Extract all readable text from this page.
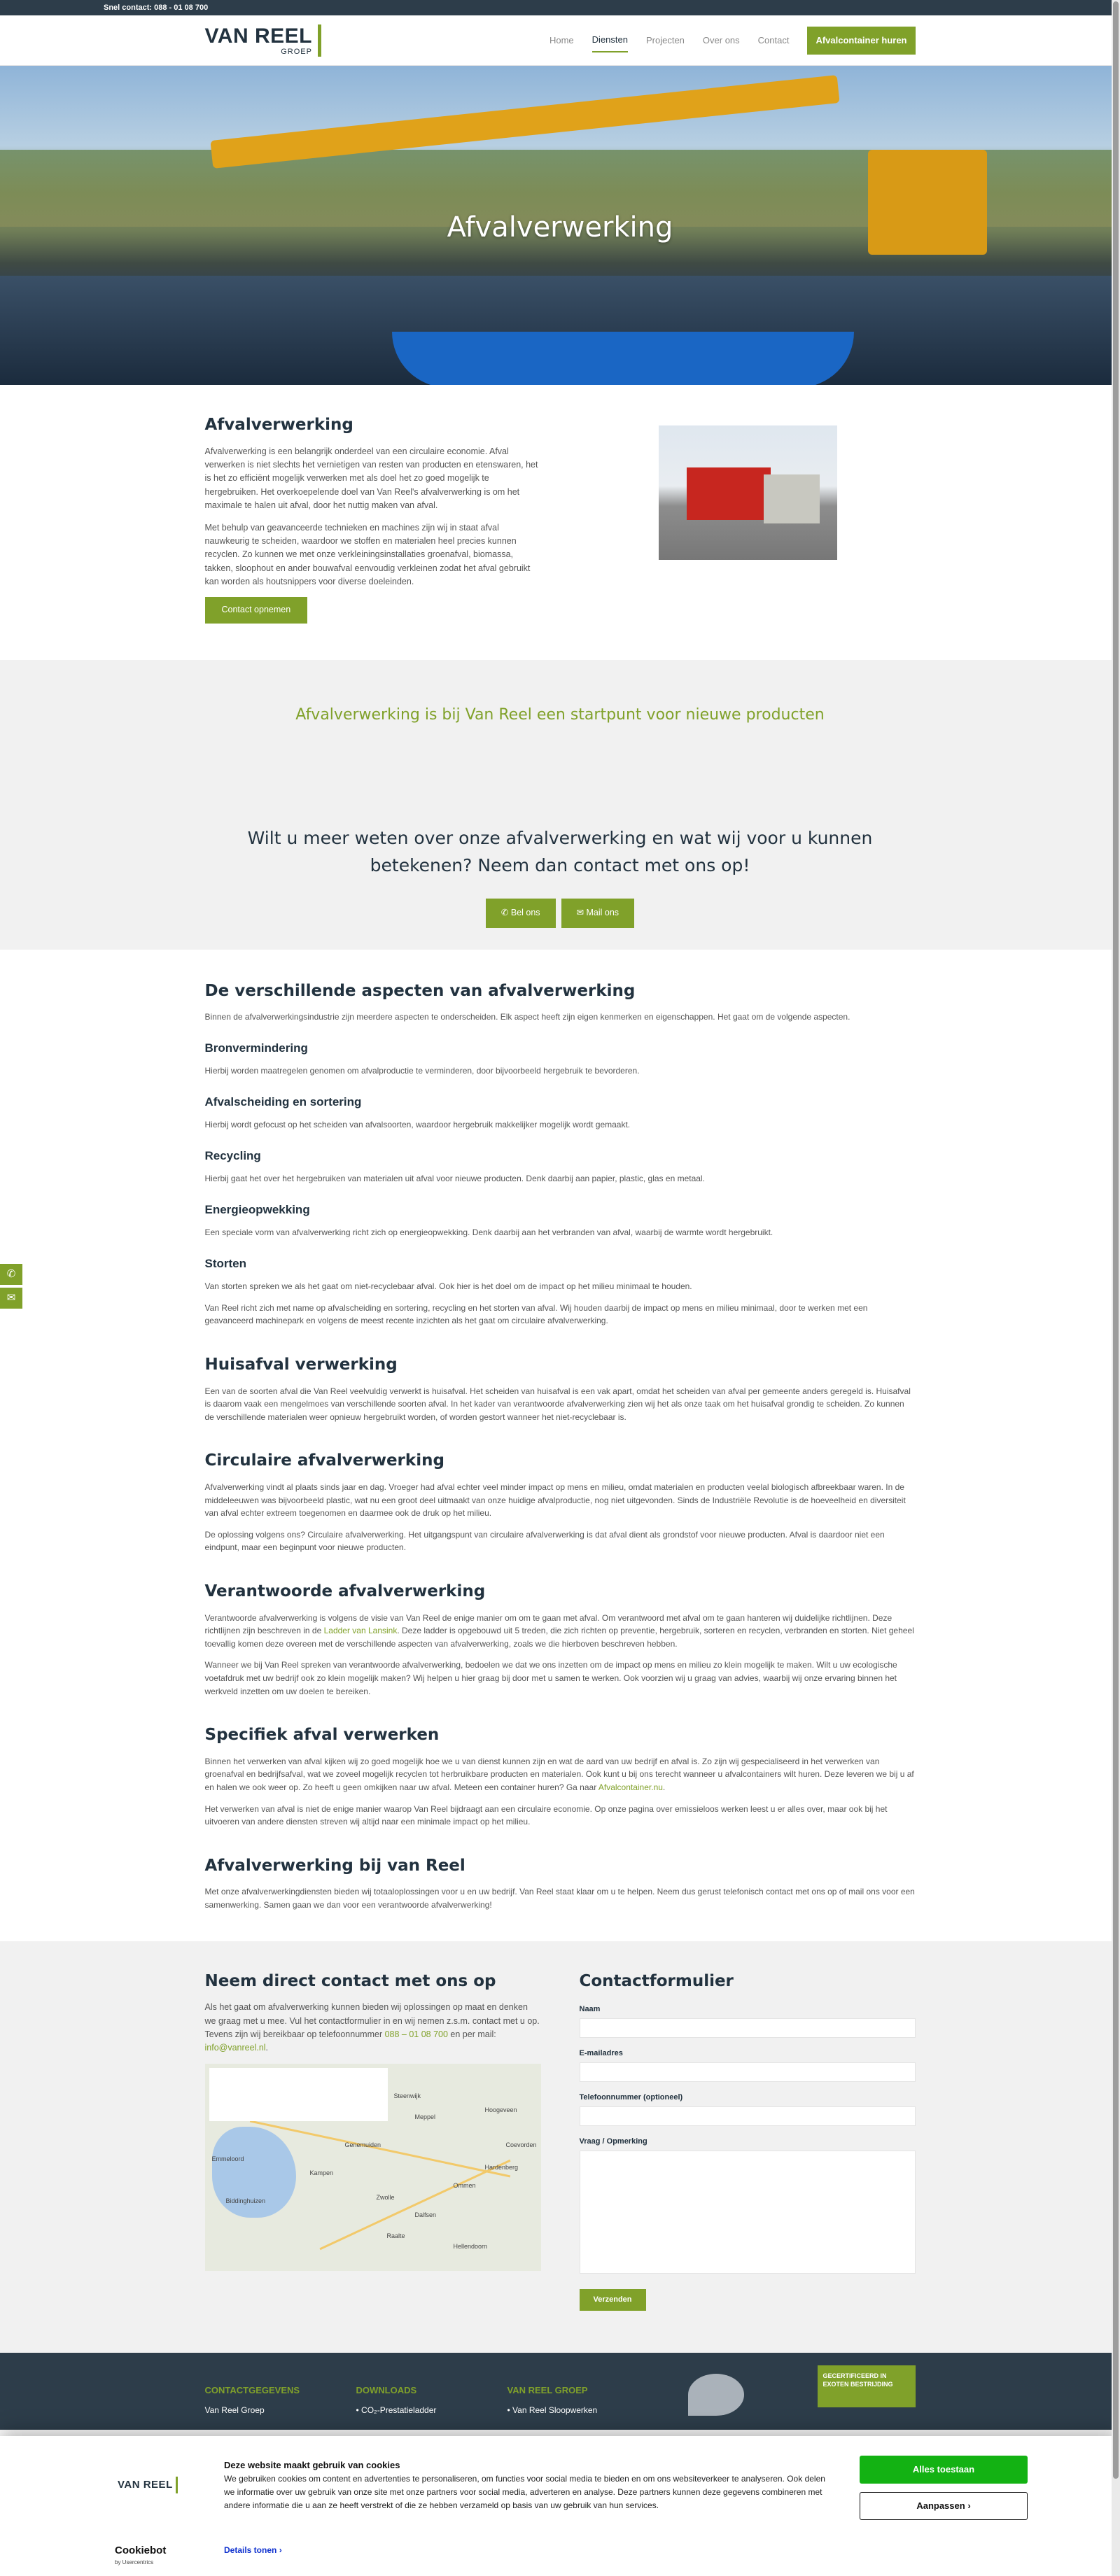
Snel contact: 088 - 01 08 700
VAN REEL
GROEP
Home Diensten Projecten Over ons Contact	Afvalcontainer huren
Afvalverwerking
Afvalverwerking

Afvalverwerking is een belangrijk onderdeel van een circulaire economie. Afval verwerken is niet slechts het vernietigen van resten van producten en etenswaren, het is het zo efficiënt mogelijk verwerken met als doel het zo goed mogelijk te hergebruiken. Het overkoepelende doel van Van Reel's afvalverwerking is om het maximale te halen uit afval, door het nuttig maken van afval.

Met behulp van geavanceerde technieken en machines zijn wij in staat afval nauwkeurig te scheiden, waardoor we stoffen en materialen heel precies kunnen recyclen. Zo kunnen we met onze verkleiningsinstallaties groenafval, biomassa, takken, sloophout en ander bouwafval eenvoudig verkleinen zodat het afval gebruikt kan worden als houtsnippers voor diverse doeleinden.

Contact opnemen
Afvalverwerking is bij Van Reel een startpunt voor nieuwe producten
Wilt u meer weten over onze afvalverwerking en wat wij voor u kunnen betekenen? Neem dan contact met ons op!
✆ Bel ons	✉ Mail ons
De verschillende aspecten van afvalverwerking

Binnen de afvalverwerkingsindustrie zijn meerdere aspecten te onderscheiden. Elk aspect heeft zijn eigen kenmerken en eigenschappen. Het gaat om de volgende aspecten.

Bronvermindering

Hierbij worden maatregelen genomen om afvalproductie te verminderen, door bijvoorbeeld hergebruik te bevorderen.

Afvalscheiding en sortering

Hierbij wordt gefocust op het scheiden van afvalsoorten, waardoor hergebruik makkelijker mogelijk wordt gemaakt.

Recycling

Hierbij gaat het over het hergebruiken van materialen uit afval voor nieuwe producten. Denk daarbij aan papier, plastic, glas en metaal.

Energieopwekking

Een speciale vorm van afvalverwerking richt zich op energieopwekking. Denk daarbij aan het verbranden van afval, waarbij de warmte wordt hergebruikt.

Storten

Van storten spreken we als het gaat om niet-recyclebaar afval. Ook hier is het doel om de impact op het milieu minimaal te houden.

Van Reel richt zich met name op afvalscheiding en sortering, recycling en het storten van afval. Wij houden daarbij de impact op mens en milieu minimaal, door te werken met een geavanceerd machinepark en volgens de meest recente inzichten als het gaat om circulaire afvalverwerking.

Huisafval verwerking

Een van de soorten afval die Van Reel veelvuldig verwerkt is huisafval. Het scheiden van huisafval is een vak apart, omdat het scheiden van afval per gemeente anders geregeld is. Huisafval is daarom vaak een mengelmoes van verschillende soorten afval. In het kader van verantwoorde afvalverwerking zien wij het als onze taak om het huisafval grondig te scheiden. Zo kunnen de verschillende materialen weer opnieuw hergebruikt worden, of worden gestort wanneer het niet-recyclebaar is.

Circulaire afvalverwerking

Afvalverwerking vindt al plaats sinds jaar en dag. Vroeger had afval echter veel minder impact op mens en milieu, omdat materialen en producten veelal biologisch afbreekbaar waren. In de middeleeuwen was bijvoorbeeld plastic, wat nu een groot deel uitmaakt van onze huidige afvalproductie, nog niet uitgevonden. Sinds de Industriële Revolutie is de hoeveelheid en diversiteit van afval echter extreem toegenomen en daarmee ook de druk op het milieu.

De oplossing volgens ons? Circulaire afvalverwerking. Het uitgangspunt van circulaire afvalverwerking is dat afval dient als grondstof voor nieuwe producten. Afval is daardoor niet een eindpunt, maar een beginpunt voor nieuwe producten.

Verantwoorde afvalverwerking

Verantwoorde afvalverwerking is volgens de visie van Van Reel de enige manier om om te gaan met afval. Om verantwoord met afval om te gaan hanteren wij duidelijke richtlijnen. Deze richtlijnen zijn beschreven in de Ladder van Lansink. Deze ladder is opgebouwd uit 5 treden, die zich richten op preventie, hergebruik, sorteren en recyclen, verbranden en storten. Niet geheel toevallig komen deze overeen met de verschillende aspecten van afvalverwerking, zoals we die hierboven beschreven hebben.

Wanneer we bij Van Reel spreken van verantwoorde afvalverwerking, bedoelen we dat we ons inzetten om de impact op mens en milieu zo klein mogelijk te maken. Wilt u uw ecologische voetafdruk met uw bedrijf ook zo klein mogelijk maken? Wij helpen u hier graag bij door met u samen te werken. Ook voorzien wij u graag van advies, waarbij wij onze ervaring binnen het werkveld inzetten om uw doelen te bereiken.

Specifiek afval verwerken

Binnen het verwerken van afval kijken wij zo goed mogelijk hoe we u van dienst kunnen zijn en wat de aard van uw bedrijf en afval is. Zo zijn wij gespecialiseerd in het verwerken van groenafval en bedrijfsafval, wat we zoveel mogelijk recyclen tot herbruikbare producten en materialen. Ook kunt u bij ons terecht wanneer u afvalcontainers wilt huren. Deze leveren we bij u af en halen we ook weer op. Zo heeft u geen omkijken naar uw afval. Meteen een container huren? Ga naar Afvalcontainer.nu.

Het verwerken van afval is niet de enige manier waarop Van Reel bijdraagt aan een circulaire economie. Op onze pagina over emissieloos werken leest u er alles over, maar ook bij het uitvoeren van andere diensten streven wij altijd naar een minimale impact op het milieu.

Afvalverwerking bij van Reel

Met onze afvalverwerkingdiensten bieden wij totaaloplossingen voor u en uw bedrijf. Van Reel staat klaar om u te helpen. Neem dus gerust telefonisch contact met ons op of mail ons voor een samenwerking. Samen gaan we dan voor een verantwoorde afvalverwerking!

✆
✉
Neem direct contact met ons op

Als het gaat om afvalverwerking kunnen bieden wij oplossingen op maat en denken we graag met u mee. Vul het contactformulier in en wij nemen z.s.m. contact met u op. Tevens zijn wij bereikbaar op telefoonnummer 088 – 01 08 700 en per mail: info@vanreel.nl.

Emmeloord
Meppel
Hoogeveen
Kampen
Zwolle
Ommen
Hardenberg
Coevorden
Biddinghuizen
Dalfsen
Raalte
Hellendoorn
Genemuiden
Steenwijk
Contactformulier
Naam
E-mailadres
Telefoonnummer (optioneel)
Vraag / Opmerking
Verzenden
CONTACTGEGEVENS
Van Reel Groep
DOWNLOADS
• CO₂-Prestatieladder
VAN REEL GROEP
• Van Reel Sloopwerken
GECERTIFICEERD IN EXOTEN BESTRIJDING
VAN REEL
Cookiebot
by Usercentrics
Deze website maakt gebruik van cookies
We gebruiken cookies om content en advertenties te personaliseren, om functies voor social media te bieden en om ons websiteverkeer te analyseren. Ook delen we informatie over uw gebruik van onze site met onze partners voor social media, adverteren en analyse. Deze partners kunnen deze gegevens combineren met andere informatie die u aan ze heeft verstrekt of die ze hebben verzameld op basis van uw gebruik van hun services.
Details tonen ›
Alles toestaan
Aanpassen ›
